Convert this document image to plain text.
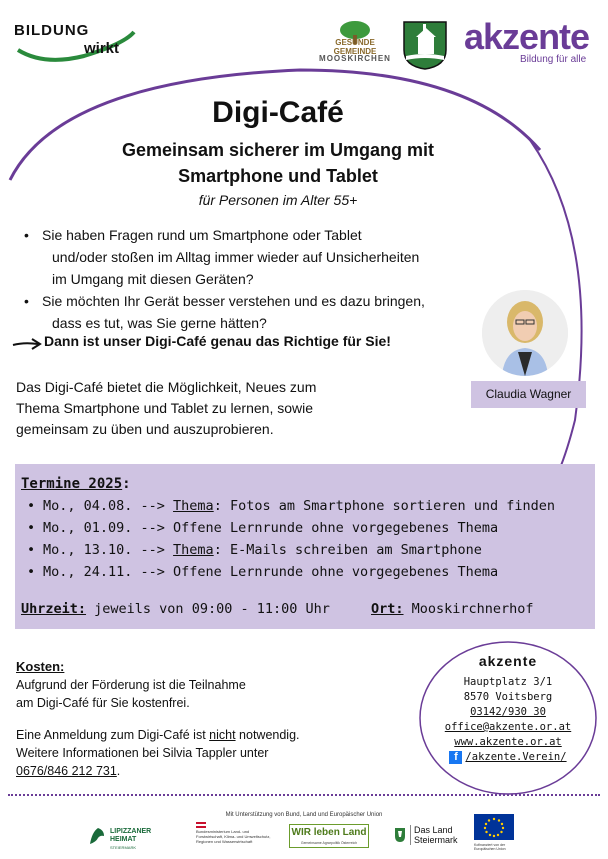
BILDUNG
wirkt	GESUNDE GEMEINDE
MOOSKIRCHEN
akzente
Bildung für alle
Digi-Café
Gemeinsam sicherer im Umgang mit
Smartphone und Tablet
für Personen im Alter 55+
• Sie haben Fragen rund um Smartphone oder Tablet
und/oder stoßen im Alltag immer wieder auf Unsicherheiten
im Umgang mit diesen Geräten?
• Sie möchten Ihr Gerät besser verstehen und es dazu bringen,
dass es tut, was Sie gerne hätten?
Dann ist unser Digi-Café genau das Richtige für Sie!
Das Digi-Café bietet die Möglichkeit, Neues zum
Thema Smartphone und Tablet zu lernen, sowie
gemeinsam zu üben und auszuprobieren.
Claudia Wagner
Termine 2025:
• Mo., 04.08. --> Thema: Fotos am Smartphone sortieren und finden
• Mo., 01.09. --> Offene Lernrunde ohne vorgegebenes Thema
• Mo., 13.10. --> Thema: E-Mails schreiben am Smartphone
• Mo., 24.11. --> Offene Lernrunde ohne vorgegebenes Thema
Uhrzeit: jeweils von 09:00 - 11:00 Uhr	Ort: Mooskirchnerhof
Kosten:
Aufgrund der Förderung ist die Teilnahme
am Digi-Café für Sie kostenfrei.
Eine Anmeldung zum Digi-Café ist nicht notwendig.
Weitere Informationen bei Silvia Tappler unter
0676/846 212 731.
akzente
Hauptplatz 3/1
8570 Voitsberg
03142/930 30
office@akzente.or.at
www.akzente.or.at
f /akzente.Verein/
Mit Unterstützung von Bund, Land und Europäischer Union
LIPIZZANER HEIMAT
STEIERMARK
Bundesministerium Land- und Forstwirtschaft, Klima- und Umweltschutz, Regionen und Wasserwirtschaft
WIR leben Land
Gemeinsame Agrarpolitik Österreich
Das Land
Steiermark	Kofinanziert von der Europäischen Union
